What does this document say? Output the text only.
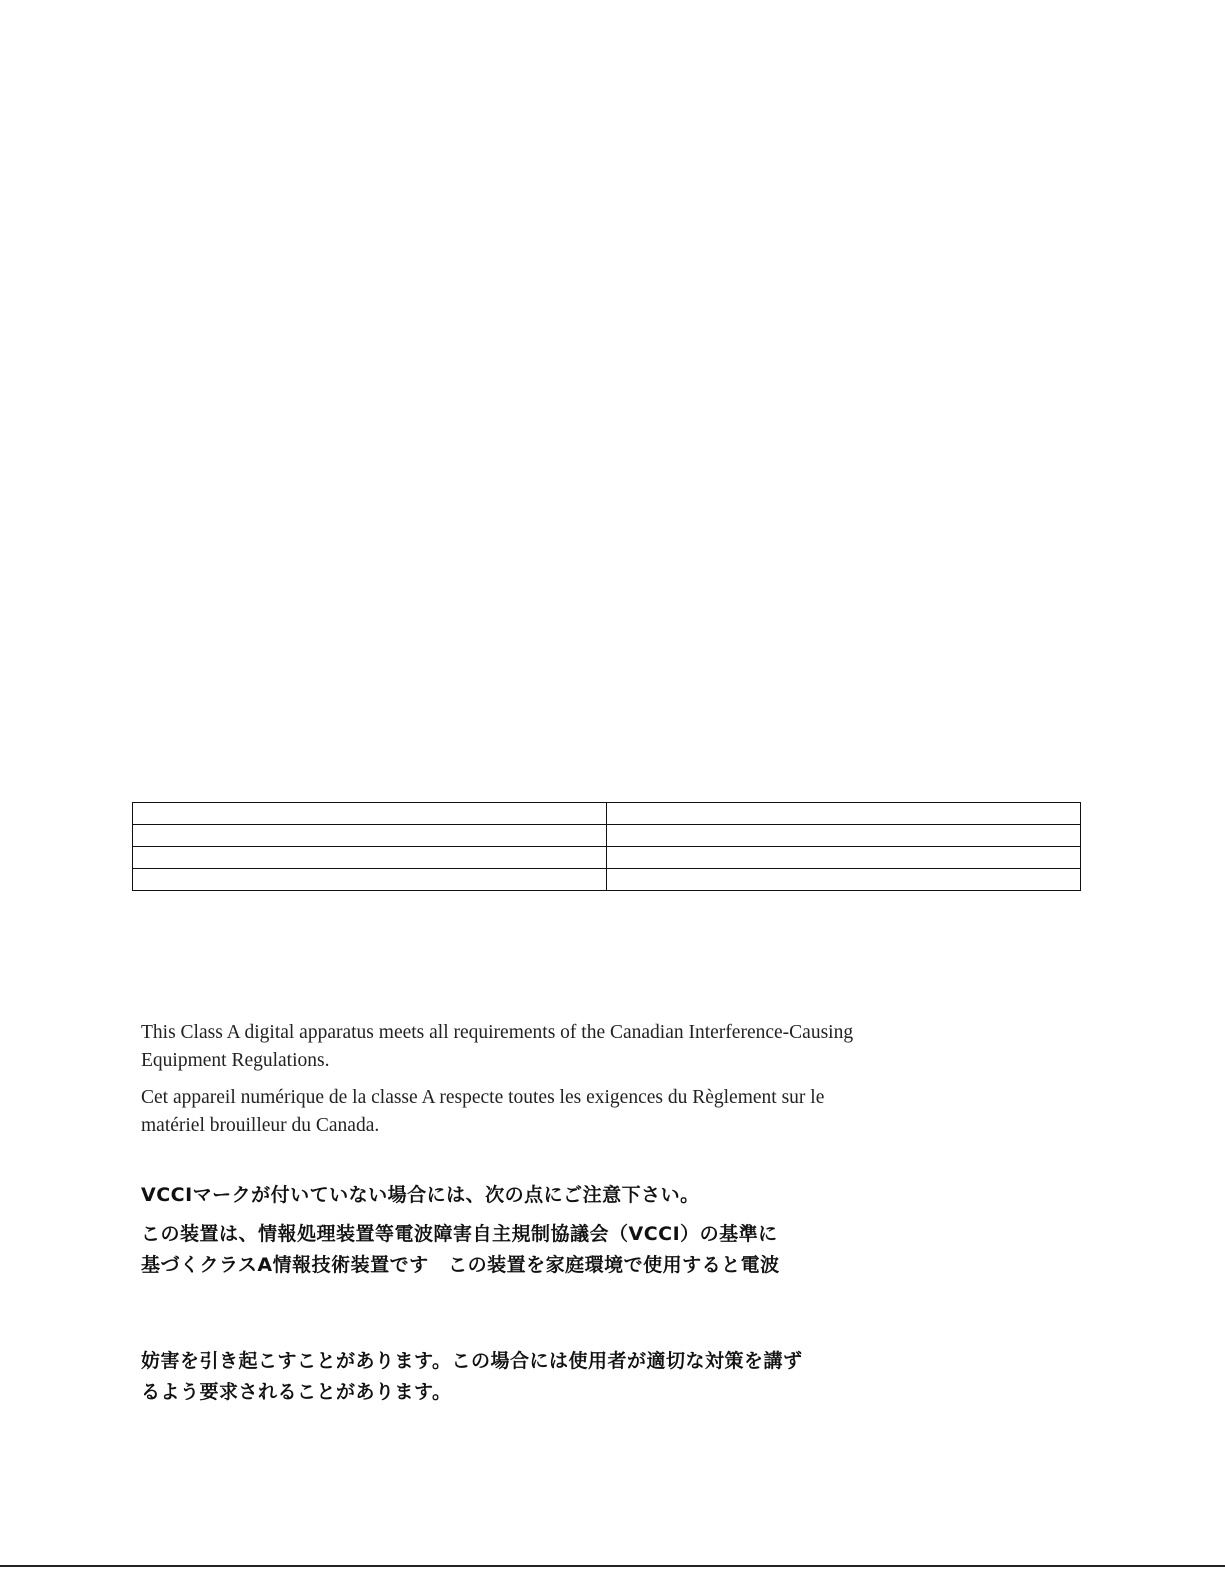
This Class A digital apparatus meets all requirements of the Canadian Interference-Causing

Equipment Regulations.

Cet appareil numérique de la classe A respecte toutes les exigences du Règlement sur le

matériel brouilleur du Canada.

VCCIマークが付いていない場合には、次の点にご注意下さい。

この装置は、情報処理装置等電波障害自主規制協議会（VCCI）の基準に

基づくクラスA情報技術装置です　この装置を家庭環境で使用すると電波

妨害を引き起こすことがあります。この場合には使用者が適切な対策を講ず

るよう要求されることがあります。
